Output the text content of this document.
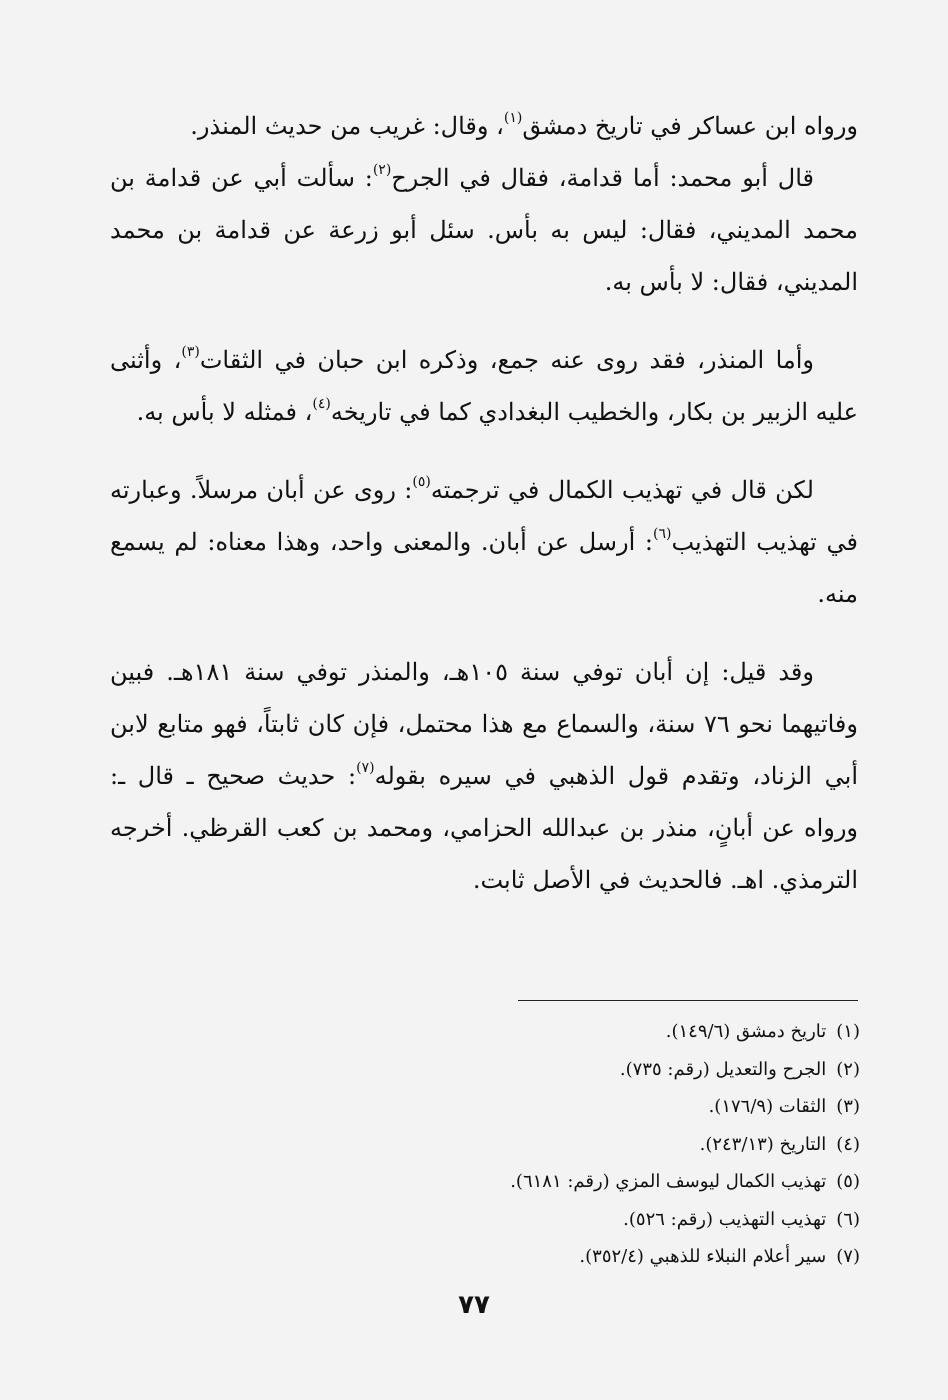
ورواه ابن عساكر في تاريخ دمشق$^{(١)}$، وقال: غريب من حديث المنذر.

قال أبو محمد: أما قدامة، فقال في الجرح$^{(٢)}$: سألت أبي عن قدامة بن محمد المديني، فقال: ليس به بأس. سئل أبو زرعة عن قدامة بن محمد المديني، فقال: لا بأس به.

وأما المنذر، فقد روى عنه جمع، وذكره ابن حبان في الثقات$^{(٣)}$، وأثنى عليه الزبير بن بكار، والخطيب البغدادي كما في تاريخه$^{(٤)}$، فمثله لا بأس به.

لكن قال في تهذيب الكمال في ترجمته$^{(٥)}$: روى عن أبان مرسلاً. وعبارته في تهذيب التهذيب$^{(٦)}$: أرسل عن أبان. والمعنى واحد، وهذا معناه: لم يسمع منه.

وقد قيل: إن أبان توفي سنة ١٠٥هـ، والمنذر توفي سنة ١٨١هـ. فبين وفاتيهما نحو ٧٦ سنة، والسماع مع هذا محتمل، فإن كان ثابتاً، فهو متابع لابن أبي الزناد، وتقدم قول الذهبي في سيره بقوله$^{(٧)}$: حديث صحيح ـ قال ـ: ورواه عن أبانٍ، منذر بن عبدالله الحزامي، ومحمد بن كعب القرظي. أخرجه الترمذي. اهـ. فالحديث في الأصل ثابت.

(١)
تاريخ دمشق (١٤٩/٦).
(٢)
الجرح والتعديل (رقم: ٧٣٥).
(٣)
الثقات (١٧٦/٩).
(٤)
التاريخ (٢٤٣/١٣).
(٥)
تهذيب الكمال ليوسف المزي (رقم: ٦١٨١).
(٦)
تهذيب التهذيب (رقم: ٥٢٦).
(٧)
سير أعلام النبلاء للذهبي (٣٥٢/٤).
٧٧
